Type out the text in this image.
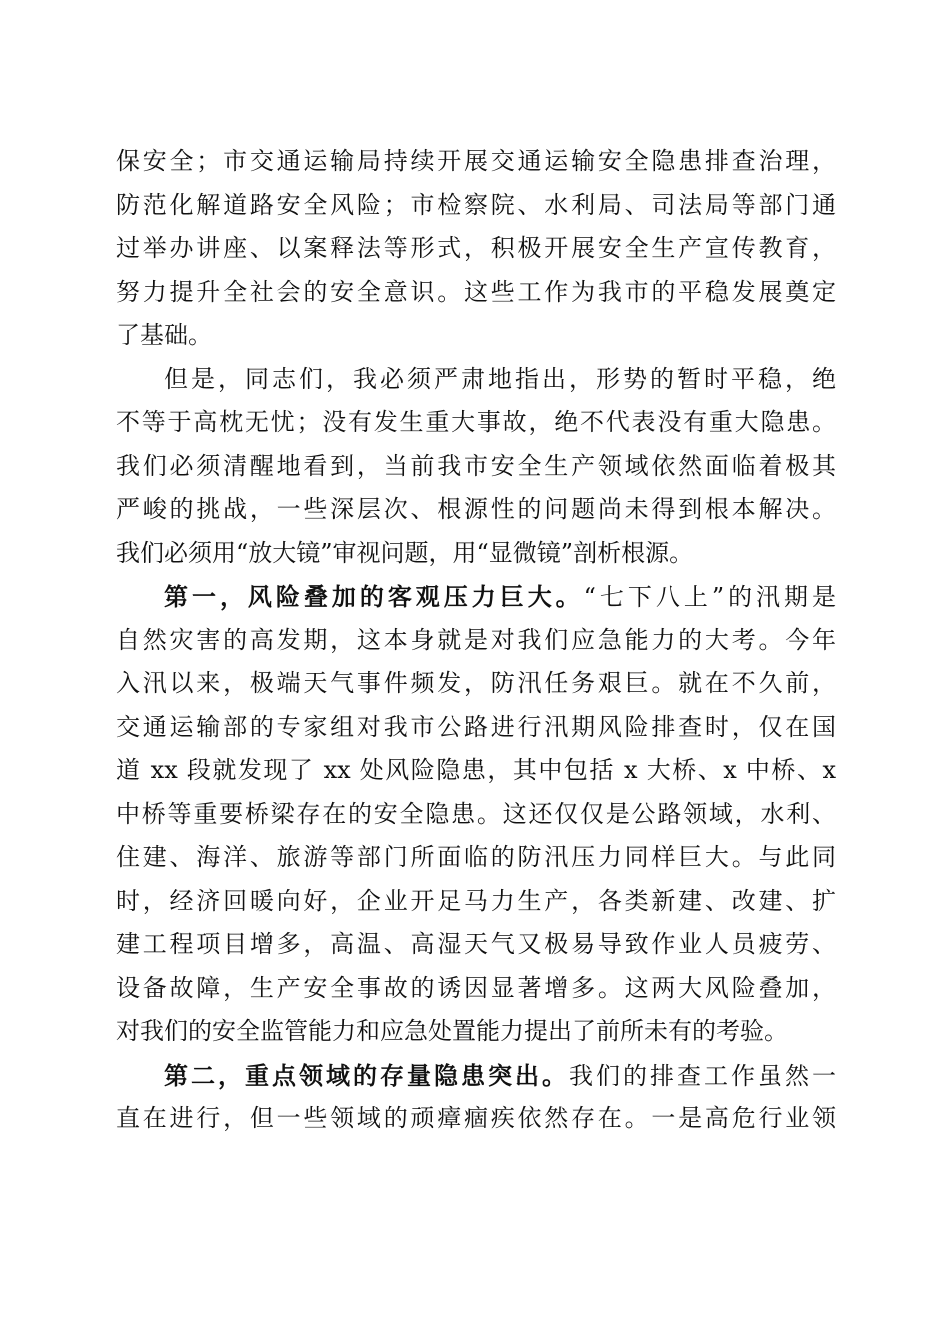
保安全；市交通运输局持续开展交通运输安全隐患排查治理，
防范化解道路安全风险；市检察院、水利局、司法局等部门通
过举办讲座、以案释法等形式，积极开展安全生产宣传教育，
努力提升全社会的安全意识。这些工作为我市的平稳发展奠定
了基础。
但是，同志们，我必须严肃地指出，形势的暂时平稳，绝
不等于高枕无忧；没有发生重大事故，绝不代表没有重大隐患。
我们必须清醒地看到，当前我市安全生产领域依然面临着极其
严峻的挑战，一些深层次、根源性的问题尚未得到根本解决。
我们必须用“放大镜”审视问题，用“显微镜”剖析根源。
第一，风险叠加的客观压力巨大。“七下八上”的汛期是
自然灾害的高发期，这本身就是对我们应急能力的大考。今年
入汛以来，极端天气事件频发，防汛任务艰巨。就在不久前，
交通运输部的专家组对我市公路进行汛期风险排查时，仅在国
道 xx 段就发现了 xx 处风险隐患，其中包括 x 大桥、x 中桥、x
中桥等重要桥梁存在的安全隐患。这还仅仅是公路领域，水利、
住建、海洋、旅游等部门所面临的防汛压力同样巨大。与此同
时，经济回暖向好，企业开足马力生产，各类新建、改建、扩
建工程项目增多，高温、高湿天气又极易导致作业人员疲劳、
设备故障，生产安全事故的诱因显著增多。这两大风险叠加，
对我们的安全监管能力和应急处置能力提出了前所未有的考验。
第二，重点领域的存量隐患突出。我们的排查工作虽然一
直在进行，但一些领域的顽瘴痼疾依然存在。一是高危行业领
